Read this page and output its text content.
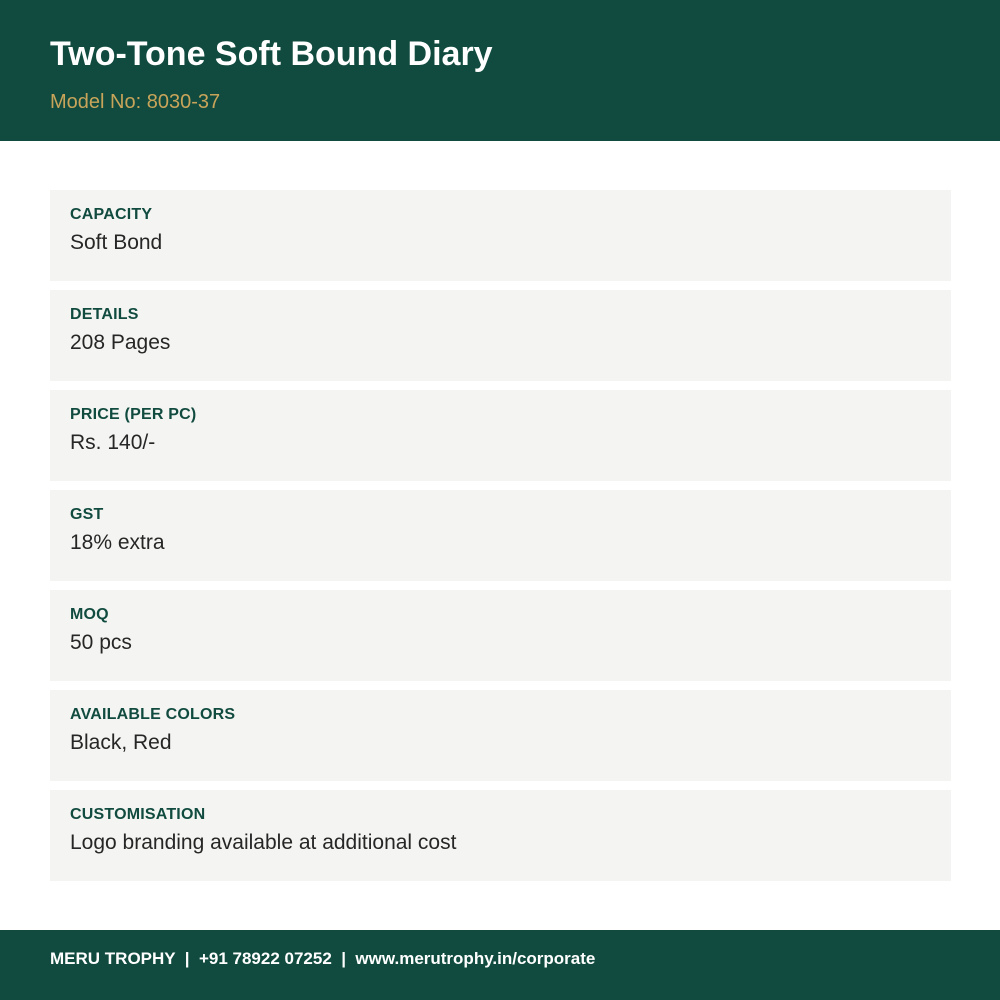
Two-Tone Soft Bound Diary
Model No: 8030-37
CAPACITY
Soft Bond
DETAILS
208 Pages
PRICE (PER PC)
Rs. 140/-
GST
18% extra
MOQ
50 pcs
AVAILABLE COLORS
Black, Red
CUSTOMISATION
Logo branding available at additional cost
MERU TROPHY  |  +91 78922 07252  |  www.merutrophy.in/corporate
